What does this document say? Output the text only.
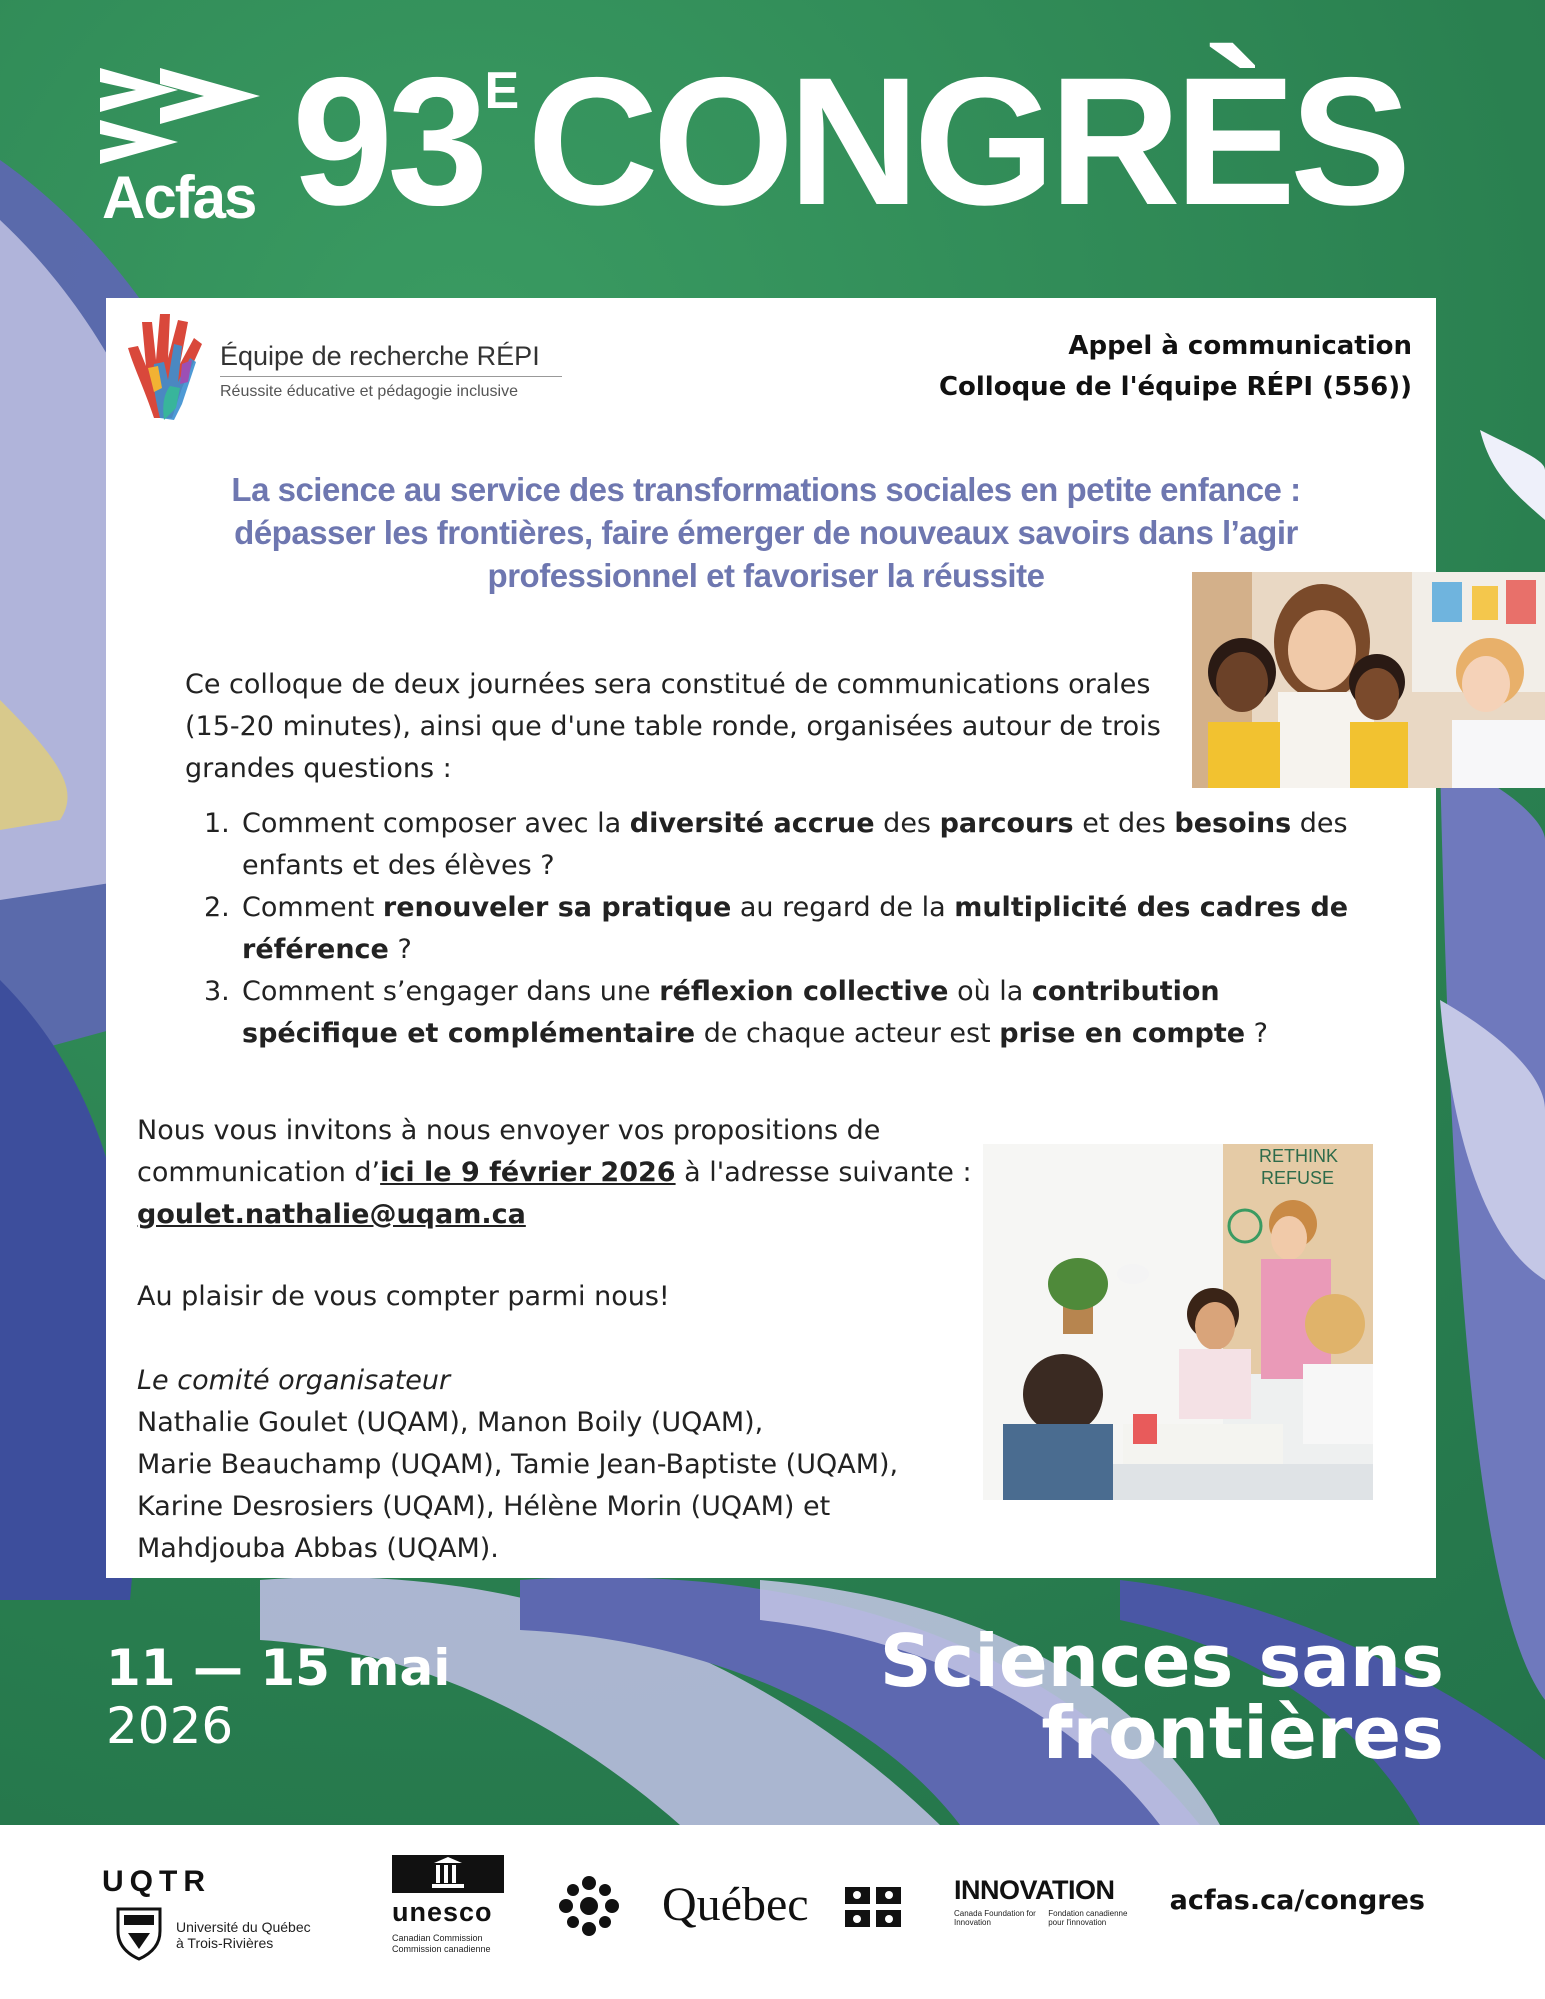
Acfas $93^ECONGRÈS$
Équipe de recherche RÉPI
Réussite éducative et pédagogie inclusive
Appel à communication
Colloque de l'équipe RÉPI (556))
La science au service des transformations sociales en petite enfance : dépasser les frontières, faire émerger de nouveaux savoirs dans l’agir professionnel et favoriser la réussite
Ce colloque de deux journées sera constitué de communications orales (15-20 minutes), ainsi que d'une table ronde, organisées autour de trois grandes questions :
1. Comment composer avec la diversité accrue des parcours et des besoins des enfants et des élèves ?
2. Comment renouveler sa pratique au regard de la multiplicité des cadres de référence ?
3. Comment s’engager dans une réflexion collective où la contribution spécifique et complémentaire de chaque acteur est prise en compte ?
Nous vous invitons à nous envoyer vos propositions de communication d’ici le 9 février 2026 à l'adresse suivante :
goulet.nathalie@uqam.ca
Au plaisir de vous compter parmi nous!
Le comité organisateur
Nathalie Goulet (UQAM), Manon Boily (UQAM),
Marie Beauchamp (UQAM), Tamie Jean-Baptiste (UQAM),
Karine Desrosiers (UQAM), Hélène Morin (UQAM) et
Mahdjouba Abbas (UQAM).
RETHINK
REFUSE
11 — 15 mai
2026
Sciences sans
frontières
UQTR
Université du Québec
à Trois-Rivières
unesco
Canadian Commission
Commission canadienne
Québec	INNOVATION
Canada Foundation for Innovation Fondation canadienne pour l'innovation
acfas.ca/congres
